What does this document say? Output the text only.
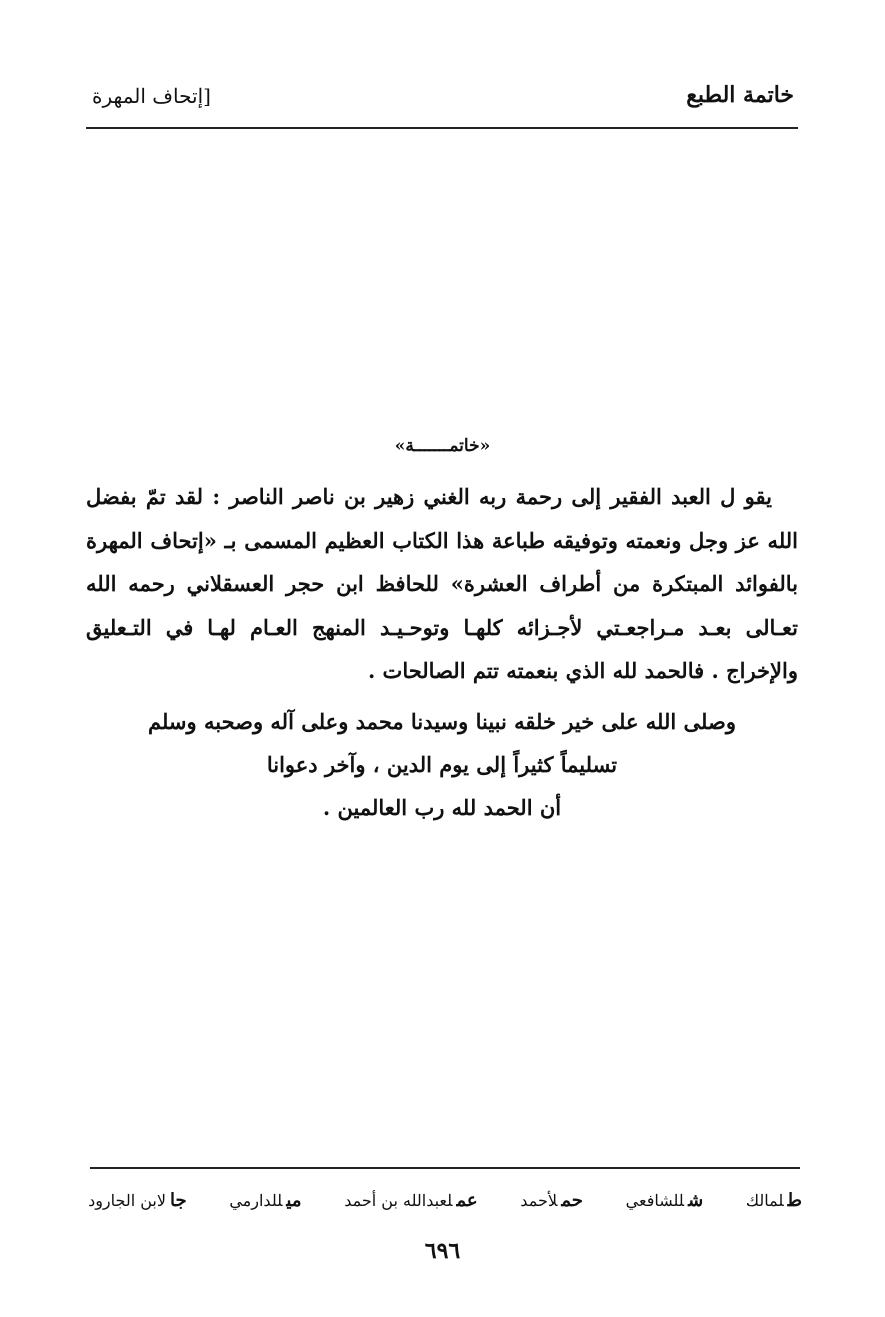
خاتمة الطبع
[إتحاف المهرة
«خاتمـــــــة»

يقو ل العبد الفقير إلى رحمة ربه الغني زهير بن ناصر الناصر : لقد تمّ بفضل الله عز وجل ونعمته وتوفيقه طباعة هذا الكتاب العظيم المسمى بـ «إتحاف المهرة بالفوائد المبتكرة من أطراف العشرة» للحافظ ابن حجر العسقلاني رحمه الله تعـالى بعـد مـراجعـتي لأجـزائه كلهـا وتوحـيـد المنهج العـام لهـا في التـعليق والإخراج . فالحمد لله الذي بنعمته تتم الصالحات .

وصلى الله على خير خلقه نبينا وسيدنا محمد وعلى آله وصحبه وسلم
تسليماً كثيراً إلى يوم الدين ، وآخر دعوانا
أن الحمد لله رب العالمين .
طلمالك
شللشافعي
حملأحمد
عملعبدالله بن أحمد
ميللدارمي
جالابن الجارود
٦٩٦
